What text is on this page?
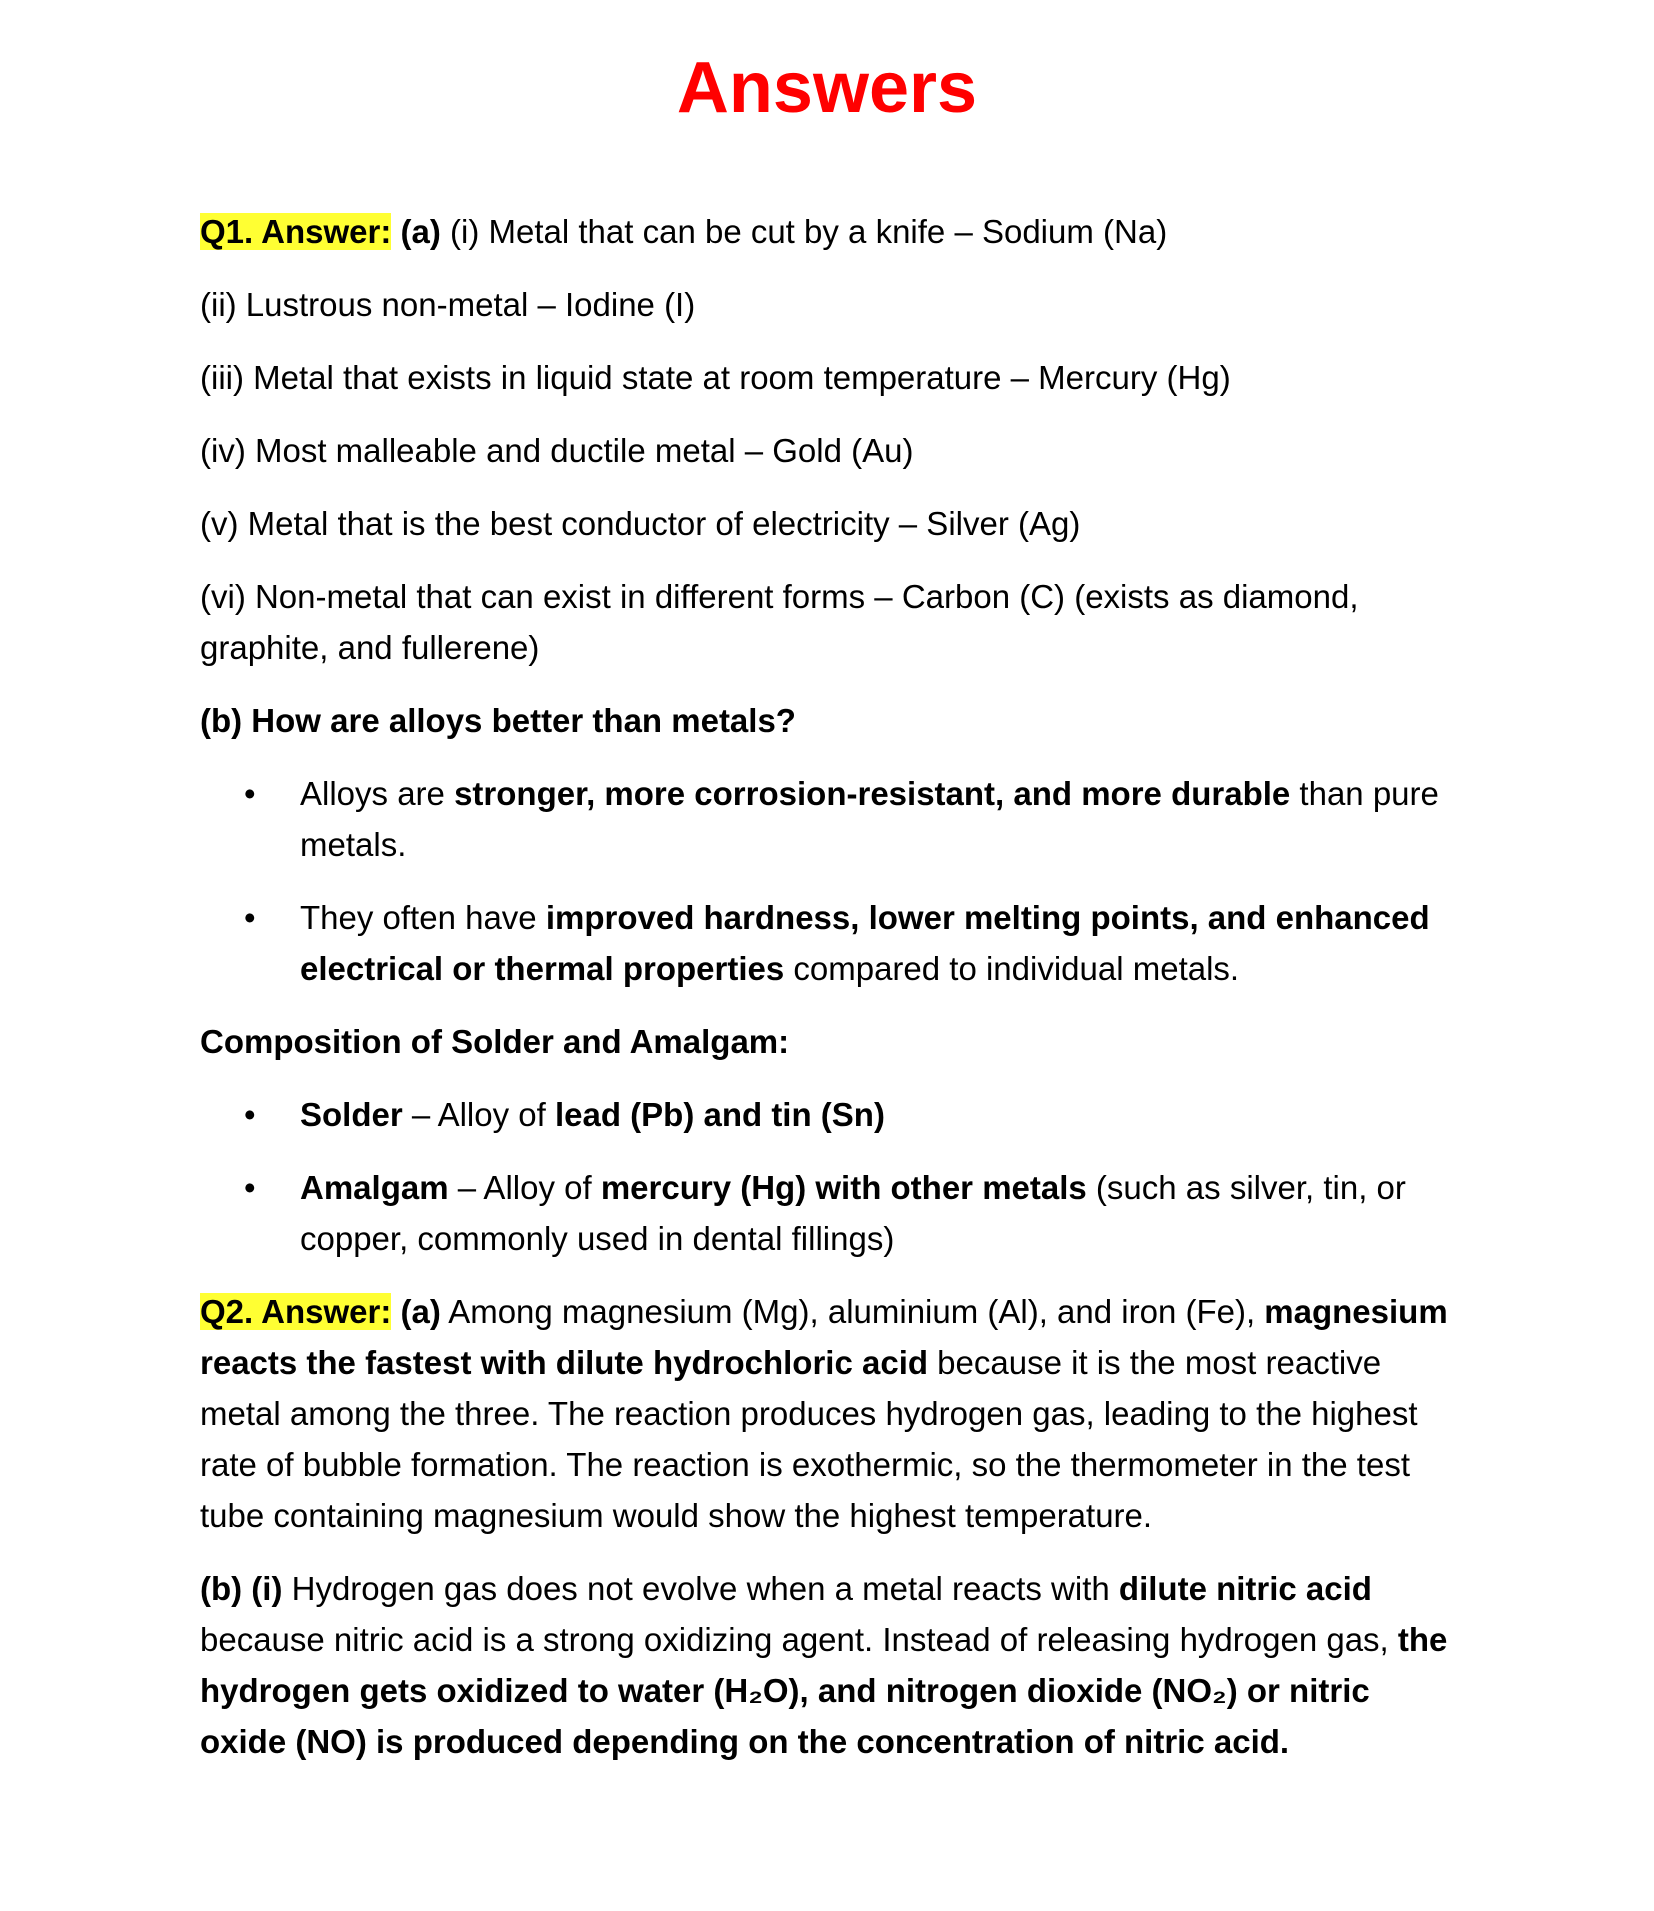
Answers

Q1. Answer: (a) (i) Metal that can be cut by a knife – Sodium (Na)

(ii) Lustrous non-metal – Iodine (I)

(iii) Metal that exists in liquid state at room temperature – Mercury (Hg)

(iv) Most malleable and ductile metal – Gold (Au)

(v) Metal that is the best conductor of electricity – Silver (Ag)

(vi) Non-metal that can exist in different forms – Carbon (C) (exists as diamond, graphite, and fullerene)

(b) How are alloys better than metals?

• Alloys are stronger, more corrosion-resistant, and more durable than pure metals.
• They often have improved hardness, lower melting points, and enhanced electrical or thermal properties compared to individual metals.

Composition of Solder and Amalgam:

• Solder – Alloy of lead (Pb) and tin (Sn)
• Amalgam – Alloy of mercury (Hg) with other metals (such as silver, tin, or copper, commonly used in dental fillings)

Q2. Answer: (a) Among magnesium (Mg), aluminium (Al), and iron (Fe), magnesium reacts the fastest with dilute hydrochloric acid because it is the most reactive metal among the three. The reaction produces hydrogen gas, leading to the highest rate of bubble formation. The reaction is exothermic, so the thermometer in the test tube containing magnesium would show the highest temperature.

(b) (i) Hydrogen gas does not evolve when a metal reacts with dilute nitric acid because nitric acid is a strong oxidizing agent. Instead of releasing hydrogen gas, the hydrogen gets oxidized to water (H₂O), and nitrogen dioxide (NO₂) or nitric oxide (NO) is produced depending on the concentration of nitric acid.
